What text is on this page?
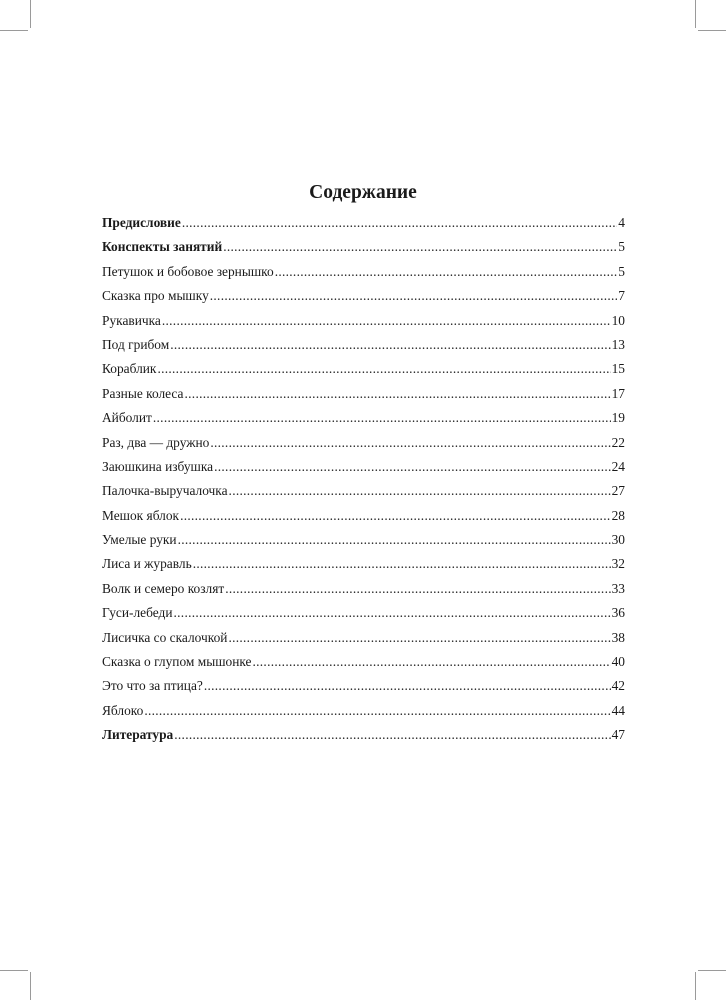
Содержание
Предисловие .....	4
Конспекты занятий .....	5
Петушок и бобовое зернышко .....	5
Сказка про мышку .....	7
Рукавичка .....	10
Под грибом .....	13
Кораблик .....	15
Разные колеса .....	17
Айболит .....	19
Раз, два — дружно .....	22
Заюшкина избушка .....	24
Палочка-выручалочка .....	27
Мешок яблок .....	28
Умелые руки .....	30
Лиса и журавль .....	32
Волк и семеро козлят .....	33
Гуси-лебеди .....	36
Лисичка со скалочкой .....	38
Сказка о глупом мышонке .....	40
Это что за птица? .....	42
Яблоко .....	44
Литература .....	47
